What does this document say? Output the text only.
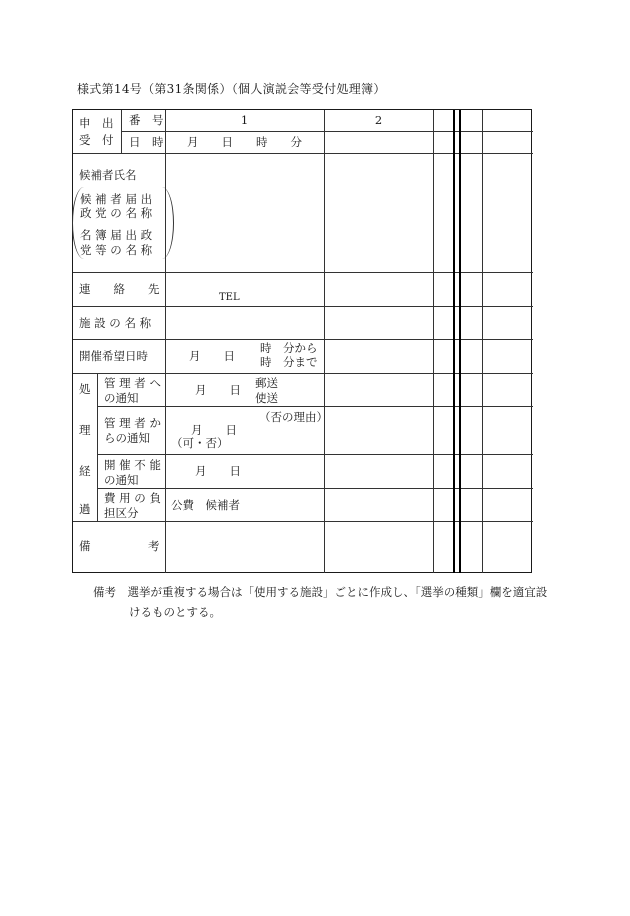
様式第14号（第31条関係）（個人演説会等受付処理簿）
申　出
受　付
番　号
日　時
1	2
月　　日　　時　　分
候補者氏名
候 補 者 届 出
政 党 の 名 称
名 簿 届 出 政
党 等 の 名 称
連　　絡　　先
TEL
施 設 の 名 称
開催希望日時	月　　日
時　分から
時　分まで
処
理
経
過
管 理 者 へ
の通知
月　　日 郵送
使送
管 理 者 か
らの通知
（否の理由）
月　　日
（可・否）
開 催 不 能
の通知
月　　日
費 用 の 負
担区分
公費　候補者
備　　　　　考
備考　選挙が重複する場合は「使用する施設」ごとに作成し、「選挙の種類」欄を適宜設
けるものとする。
